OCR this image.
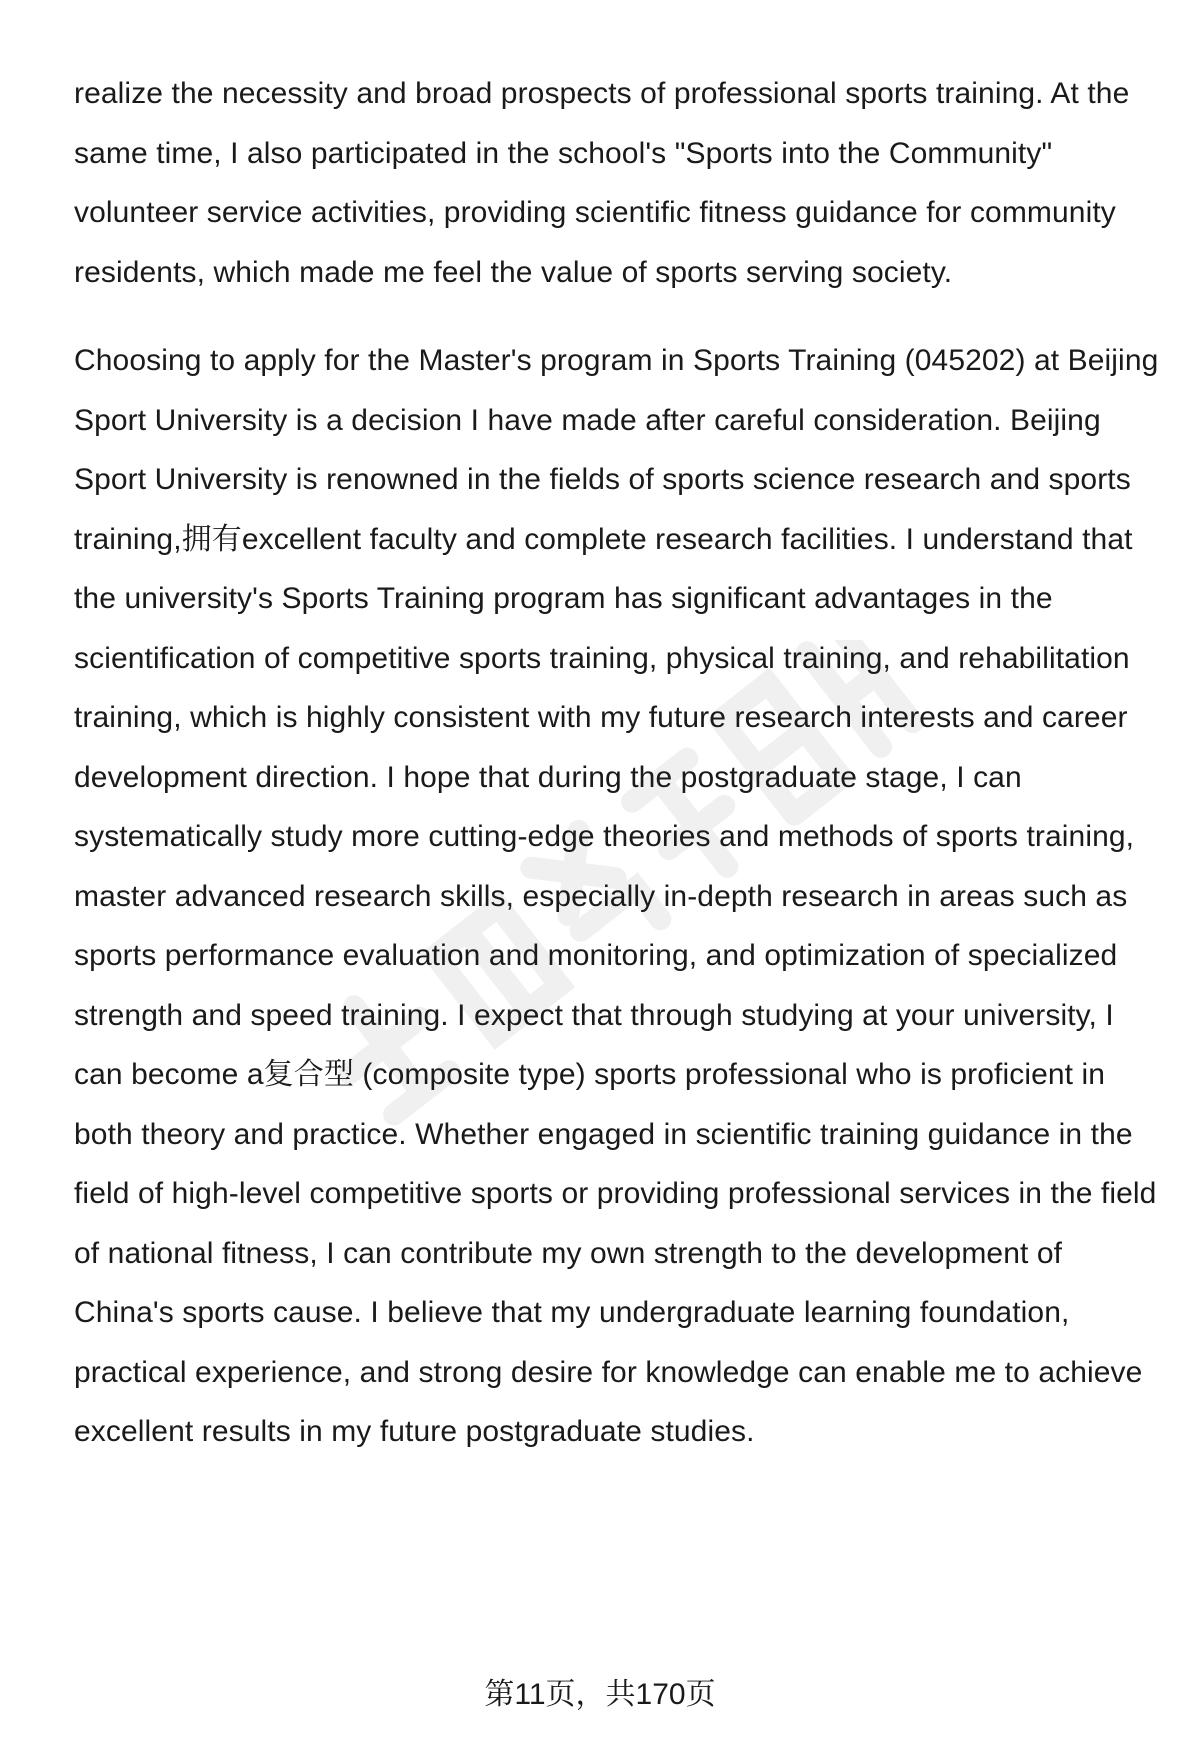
realize the necessity and broad prospects of professional sports training. At the same time, I also participated in the school's "Sports into the Community" volunteer service activities, providing scientific fitness guidance for community residents, which made me feel the value of sports serving society.

Choosing to apply for the Master's program in Sports Training (045202) at Beijing Sport University is a decision I have made after careful consideration. Beijing Sport University is renowned in the fields of sports science research and sports training,拥有excellent faculty and complete research facilities. I understand that the university's Sports Training program has significant advantages in the scientification of competitive sports training, physical training, and rehabilitation training, which is highly consistent with my future research interests and career development direction. I hope that during the postgraduate stage, I can systematically study more cutting-edge theories and methods of sports training, master advanced research skills, especially in-depth research in areas such as sports performance evaluation and monitoring, and optimization of specialized strength and speed training. I expect that through studying at your university, I can become a复合型 (composite type) sports professional who is proficient in both theory and practice. Whether engaged in scientific training guidance in the field of high-level competitive sports or providing professional services in the field of national fitness, I can contribute my own strength to the development of China's sports cause. I believe that my undergraduate learning foundation, practical experience, and strong desire for knowledge can enable me to achieve excellent results in my future postgraduate studies.

第11页，共170页
